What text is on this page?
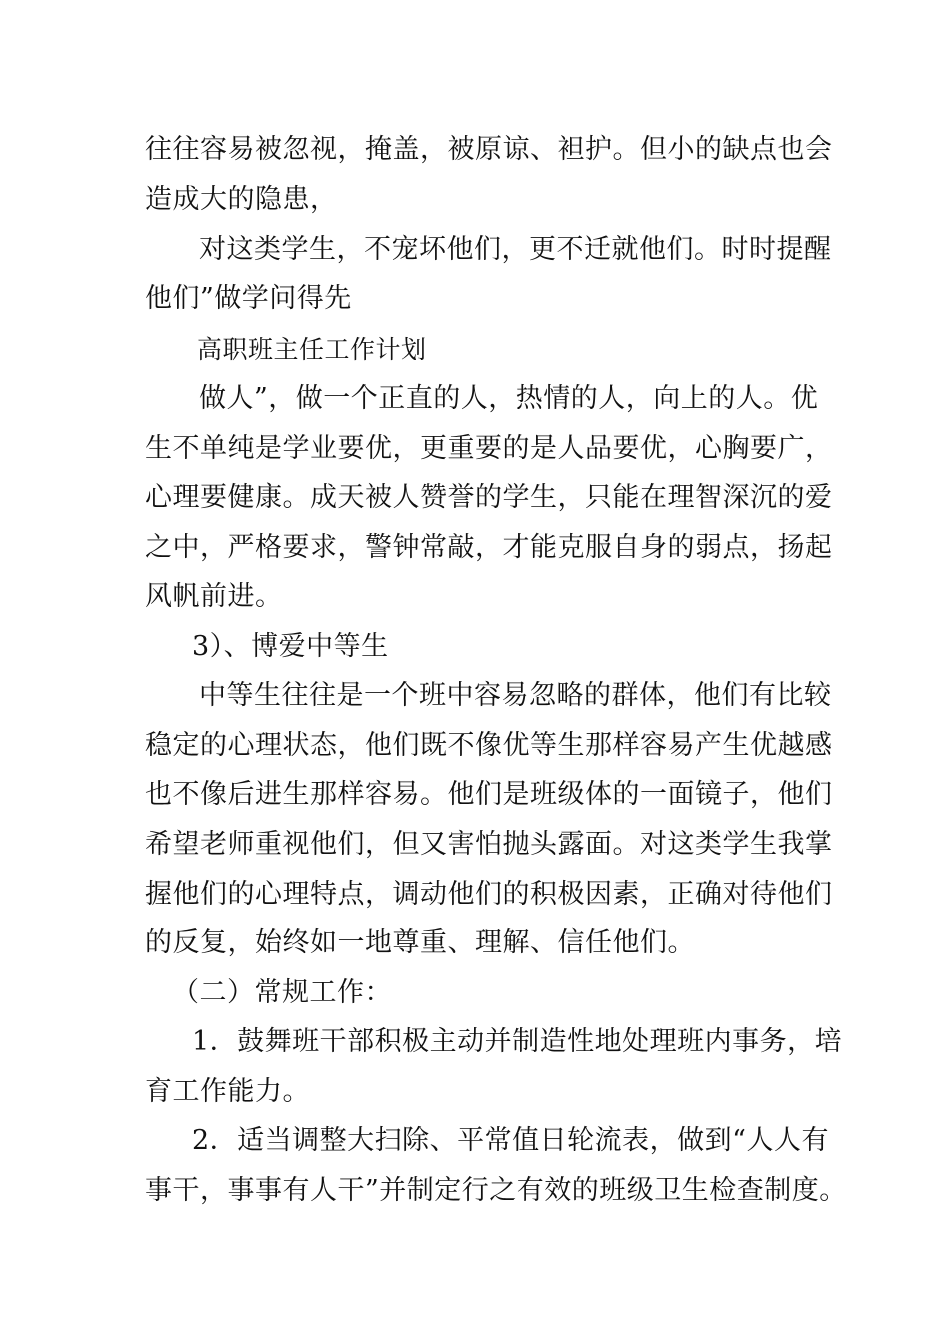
往往容易被忽视，掩盖，被原谅、袒护。但小的缺点也会
造成大的隐患，
对这类学生，不宠坏他们，更不迁就他们。时时提醒
他们”做学问得先
高职班主任工作计划
做人”，做一个正直的人，热情的人，向上的人。优
生不单纯是学业要优，更重要的是人品要优，心胸要广，
心理要健康。成天被人赞誉的学生，只能在理智深沉的爱
之中，严格要求，警钟常敲，才能克服自身的弱点，扬起
风帆前进。
3）、博爱中等生
中等生往往是一个班中容易忽略的群体，他们有比较
稳定的心理状态，他们既不像优等生那样容易产生优越感
也不像后进生那样容易。他们是班级体的一面镜子，他们
希望老师重视他们，但又害怕抛头露面。对这类学生我掌
握他们的心理特点，调动他们的积极因素，正确对待他们
的反复，始终如一地尊重、理解、信任他们。
（二）常规工作：
1．鼓舞班干部积极主动并制造性地处理班内事务，培
育工作能力。
2．适当调整大扫除、平常值日轮流表，做到“人人有
事干，事事有人干”并制定行之有效的班级卫生检查制度。
